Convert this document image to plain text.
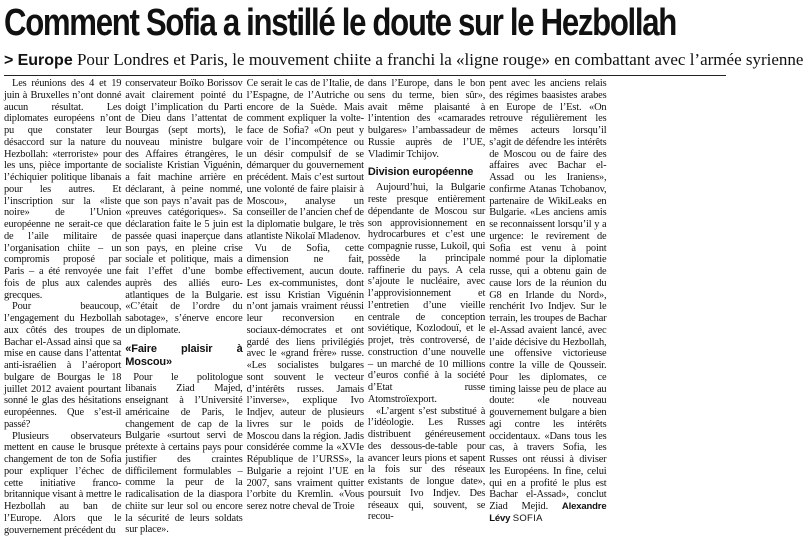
Comment Sofia a instillé le doute sur le Hezbollah
> Europe Pour Londres et Paris, le mouvement chiite a franchi la «ligne rouge» en combattant avec l’armée syrienne

Les réunions des 4 et 19 juin à Bruxelles n’ont donné aucun résultat. Les diplomates européens n’ont pu que constater leur désaccord sur la nature du Hezbollah: «terroriste» pour les uns, pièce importante de l’échiquier politique libanais pour les autres. Et l’inscription sur la «liste noire» de l’Union européenne ne serait-ce que de l’aile militaire de l’organisation chiite – un compromis proposé par Paris – a été renvoyée une fois de plus aux calendes grecques.

Pour beaucoup, l’engagement du Hezbollah aux côtés des troupes de Bachar el-Assad ainsi que sa mise en cause dans l’attentat anti-israélien à l’aéroport bulgare de Bourgas le 18 juillet 2012 avaient pourtant sonné le glas des hésitations européennes. Que s’est-il passé?

Plusieurs observateurs mettent en cause le brusque changement de ton de Sofia pour expliquer l’échec de cette initiative franco-britannique visant à mettre le Hezbollah au ban de l’Europe. Alors que le gouvernement précédent du

conservateur Boïko Borissov avait clairement pointé du doigt l’implication du Parti de Dieu dans l’attentat de Bourgas (sept morts), le nouveau ministre bulgare des Affaires étrangères, le socialiste Kristian Viguénin, a fait machine arrière en déclarant, à peine nommé, que son pays n’avait pas de «preuves catégoriques». Sa déclaration faite le 5 juin est passée quasi inaperçue dans son pays, en pleine crise sociale et politique, mais a fait l’effet d’une bombe auprès des alliés euro-atlantiques de la Bulgarie. «C’était de l’ordre du sabotage», s’énerve encore un diplomate.

«Faire plaisir à Moscou»

Pour le politologue libanais Ziad Majed, enseignant à l’Université américaine de Paris, le changement de cap de la Bulgarie «surtout servi de prétexte à certains pays pour justifier des craintes difficilement formulables – comme la peur de la radicalisation de la diaspora chiite sur leur sol ou encore la sécurité de leurs soldats sur place».

Ce serait le cas de l’Italie, de l’Espagne, de l’Autriche ou encore de la Suède. Mais comment expliquer la volte-face de Sofia? «On peut y voir de l’incompétence ou un désir compulsif de se démarquer du gouvernement précédent. Mais c’est surtout une volonté de faire plaisir à Moscou», analyse un conseiller de l’ancien chef de la diplomatie bulgare, le très atlantiste Nikolaï Mladenov.

Vu de Sofia, cette dimension ne fait, effectivement, aucun doute. Les ex-communistes, dont est issu Kristian Viguénin n’ont jamais vraiment réussi leur reconversion en sociaux-démocrates et ont gardé des liens privilégiés avec le «grand frère» russe. «Les socialistes bulgares sont souvent le vecteur d’intérêts russes. Jamais l’inverse», explique Ivo Indjev, auteur de plusieurs livres sur le poids de Moscou dans la région. Jadis considérée comme la «XVIe République de l’URSS», la Bulgarie a rejoint l’UE en 2007, sans vraiment quitter l’orbite du Kremlin. «Vous serez notre cheval de Troie

dans l’Europe, dans le bon sens du terme, bien sûr», avait même plaisanté à l’intention des «camarades bulgares» l’ambassadeur de Russie auprès de l’UE, Vladimir Tchijov.

Division européenne

Aujourd’hui, la Bulgarie reste presque entièrement dépendante de Moscou sur son approvisionnement en hydrocarbures et c’est une compagnie russe, Lukoil, qui possède la principale raffinerie du pays. A cela s’ajoute le nucléaire, avec l’approvisionnement et l’entretien d’une vieille centrale de conception soviétique, Kozlodouï, et le projet, très controversé, de construction d’une nouvelle – un marché de 10 millions d’euros confié à la société d’Etat russe Atomstroïexport.

«L’argent s’est substitué à l’idéologie. Les Russes distribuent généreusement des dessous-de-table pour avancer leurs pions et sapent la fois sur des réseaux existants de longue date», poursuit Ivo Indjev. Des réseaux qui, souvent, se recou-

pent avec les anciens relais des régimes baasistes arabes en Europe de l’Est. «On retrouve régulièrement les mêmes acteurs lorsqu’il s’agit de défendre les intérêts de Moscou ou de faire des affaires avec Bachar el-Assad ou les Iraniens», confirme Atanas Tchobanov, partenaire de WikiLeaks en Bulgarie. «Les anciens amis se reconnaissent lorsqu’il y a urgence: le revirement de Sofia est venu à point nommé pour la diplomatie russe, qui a obtenu gain de cause lors de la réunion du G8 en Irlande du Nord», renchérit Ivo Indjev. Sur le terrain, les troupes de Bachar el-Assad avaient lancé, avec l’aide décisive du Hezbollah, une offensive victorieuse contre la ville de Qousseir. Pour les diplomates, ce timing laisse peu de place au doute: «le nouveau gouvernement bulgare a bien agi contre les intérêts occidentaux. «Dans tous les cas, à travers Sofia, les Russes ont réussi à diviser les Européens. In fine, celui qui en a profité le plus est Bachar el-Assad», conclut Ziad Mejid. Alexandre Lévy SOFIA
